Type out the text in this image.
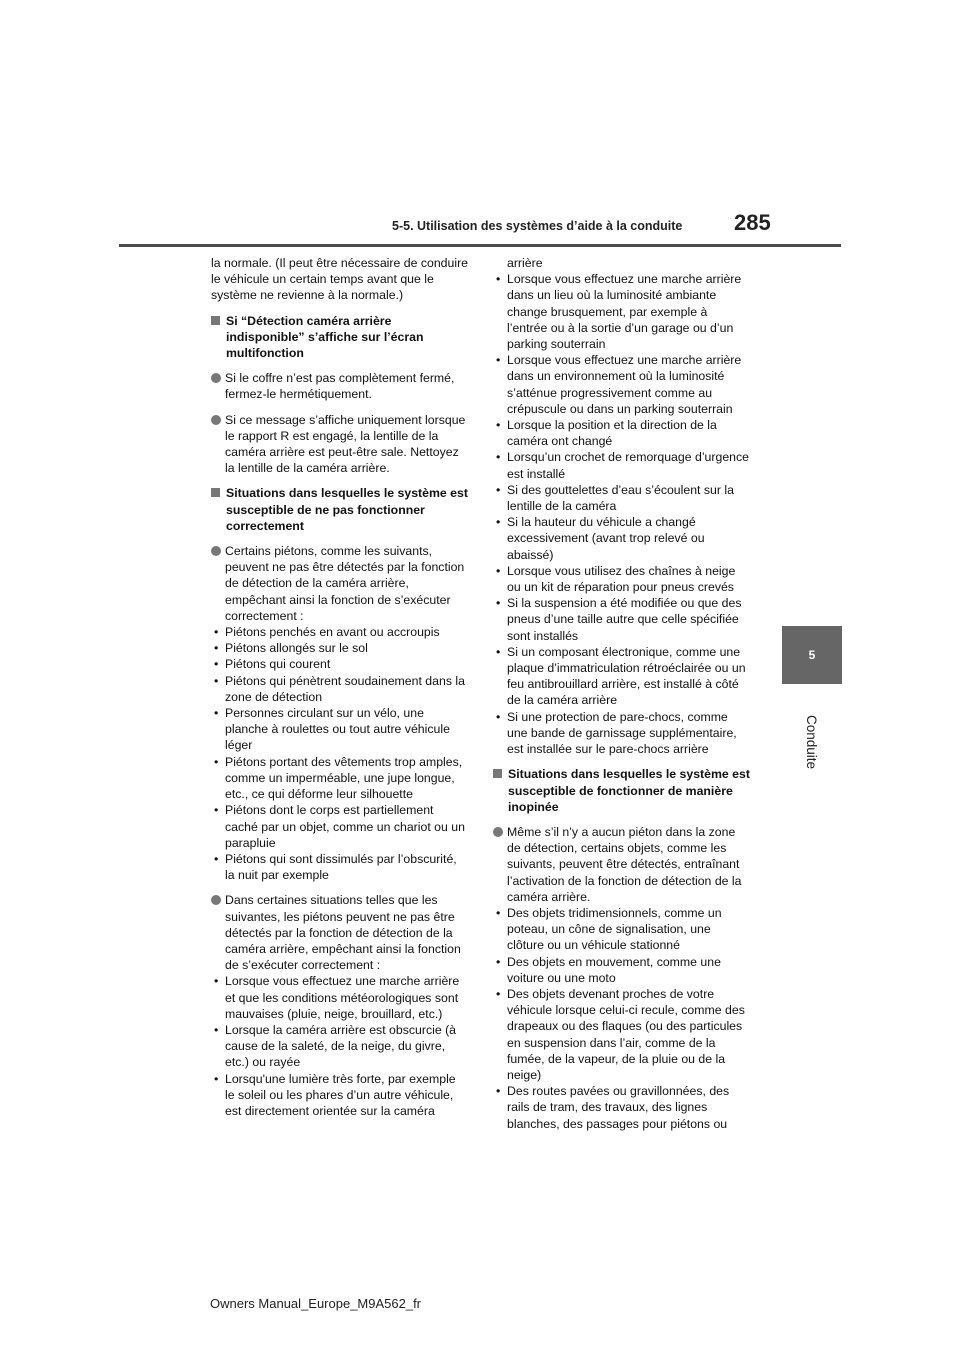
5-5. Utilisation des systèmes d’aide à la conduite 285
5
Conduite

la normale. (Il peut être nécessaire de conduire le véhicule un certain temps avant que le système ne revienne à la normale.)

Si “Détection caméra arrière indisponible” s’affiche sur l’écran multifonction
Si le coffre n’est pas complètement fermé, fermez-le hermétiquement.
Si ce message s’affiche uniquement lorsque le rapport R est engagé, la lentille de la caméra arrière est peut-être sale. Nettoyez la lentille de la caméra arrière.
Situations dans lesquelles le système est susceptible de ne pas fonctionner correctement
Certains piétons, comme les suivants, peuvent ne pas être détectés par la fonction de détection de la caméra arrière, empêchant ainsi la fonction de s’exécuter correctement :
• Piétons penchés en avant ou accroupis
• Piétons allongés sur le sol
• Piétons qui courent
• Piétons qui pénètrent soudainement dans la zone de détection
• Personnes circulant sur un vélo, une planche à roulettes ou tout autre véhicule léger
• Piétons portant des vêtements trop amples, comme un imperméable, une jupe longue, etc., ce qui déforme leur silhouette
• Piétons dont le corps est partiellement caché par un objet, comme un chariot ou un parapluie
• Piétons qui sont dissimulés par l’obscurité, la nuit par exemple
Dans certaines situations telles que les suivantes, les piétons peuvent ne pas être détectés par la fonction de détection de la caméra arrière, empêchant ainsi la fonction de s’exécuter correctement :
• Lorsque vous effectuez une marche arrière et que les conditions météorologiques sont mauvaises (pluie, neige, brouillard, etc.)
• Lorsque la caméra arrière est obscurcie (à cause de la saleté, de la neige, du givre, etc.) ou rayée
• Lorsqu'une lumière très forte, par exemple le soleil ou les phares d’un autre véhicule, est directement orientée sur la caméra
arrière
• Lorsque vous effectuez une marche arrière dans un lieu où la luminosité ambiante change brusquement, par exemple à l’entrée ou à la sortie d’un garage ou d’un parking souterrain
• Lorsque vous effectuez une marche arrière dans un environnement où la luminosité s’atténue progressivement comme au crépuscule ou dans un parking souterrain
• Lorsque la position et la direction de la caméra ont changé
• Lorsqu’un crochet de remorquage d’urgence est installé
• Si des gouttelettes d’eau s’écoulent sur la lentille de la caméra
• Si la hauteur du véhicule a changé excessivement (avant trop relevé ou abaissé)
• Lorsque vous utilisez des chaînes à neige ou un kit de réparation pour pneus crevés
• Si la suspension a été modifiée ou que des pneus d’une taille autre que celle spécifiée sont installés
• Si un composant électronique, comme une plaque d’immatriculation rétroéclairée ou un feu antibrouillard arrière, est installé à côté de la caméra arrière
• Si une protection de pare-chocs, comme une bande de garnissage supplémentaire, est installée sur le pare-chocs arrière
Situations dans lesquelles le système est susceptible de fonctionner de manière inopinée
Même s’il n’y a aucun piéton dans la zone de détection, certains objets, comme les suivants, peuvent être détectés, entraînant l’activation de la fonction de détection de la caméra arrière.
• Des objets tridimensionnels, comme un poteau, un cône de signalisation, une clôture ou un véhicule stationné
• Des objets en mouvement, comme une voiture ou une moto
• Des objets devenant proches de votre véhicule lorsque celui-ci recule, comme des drapeaux ou des flaques (ou des particules en suspension dans l’air, comme de la fumée, de la vapeur, de la pluie ou de la neige)
• Des routes pavées ou gravillonnées, des rails de tram, des travaux, des lignes blanches, des passages pour piétons ou
Owners Manual_Europe_M9A562_fr
